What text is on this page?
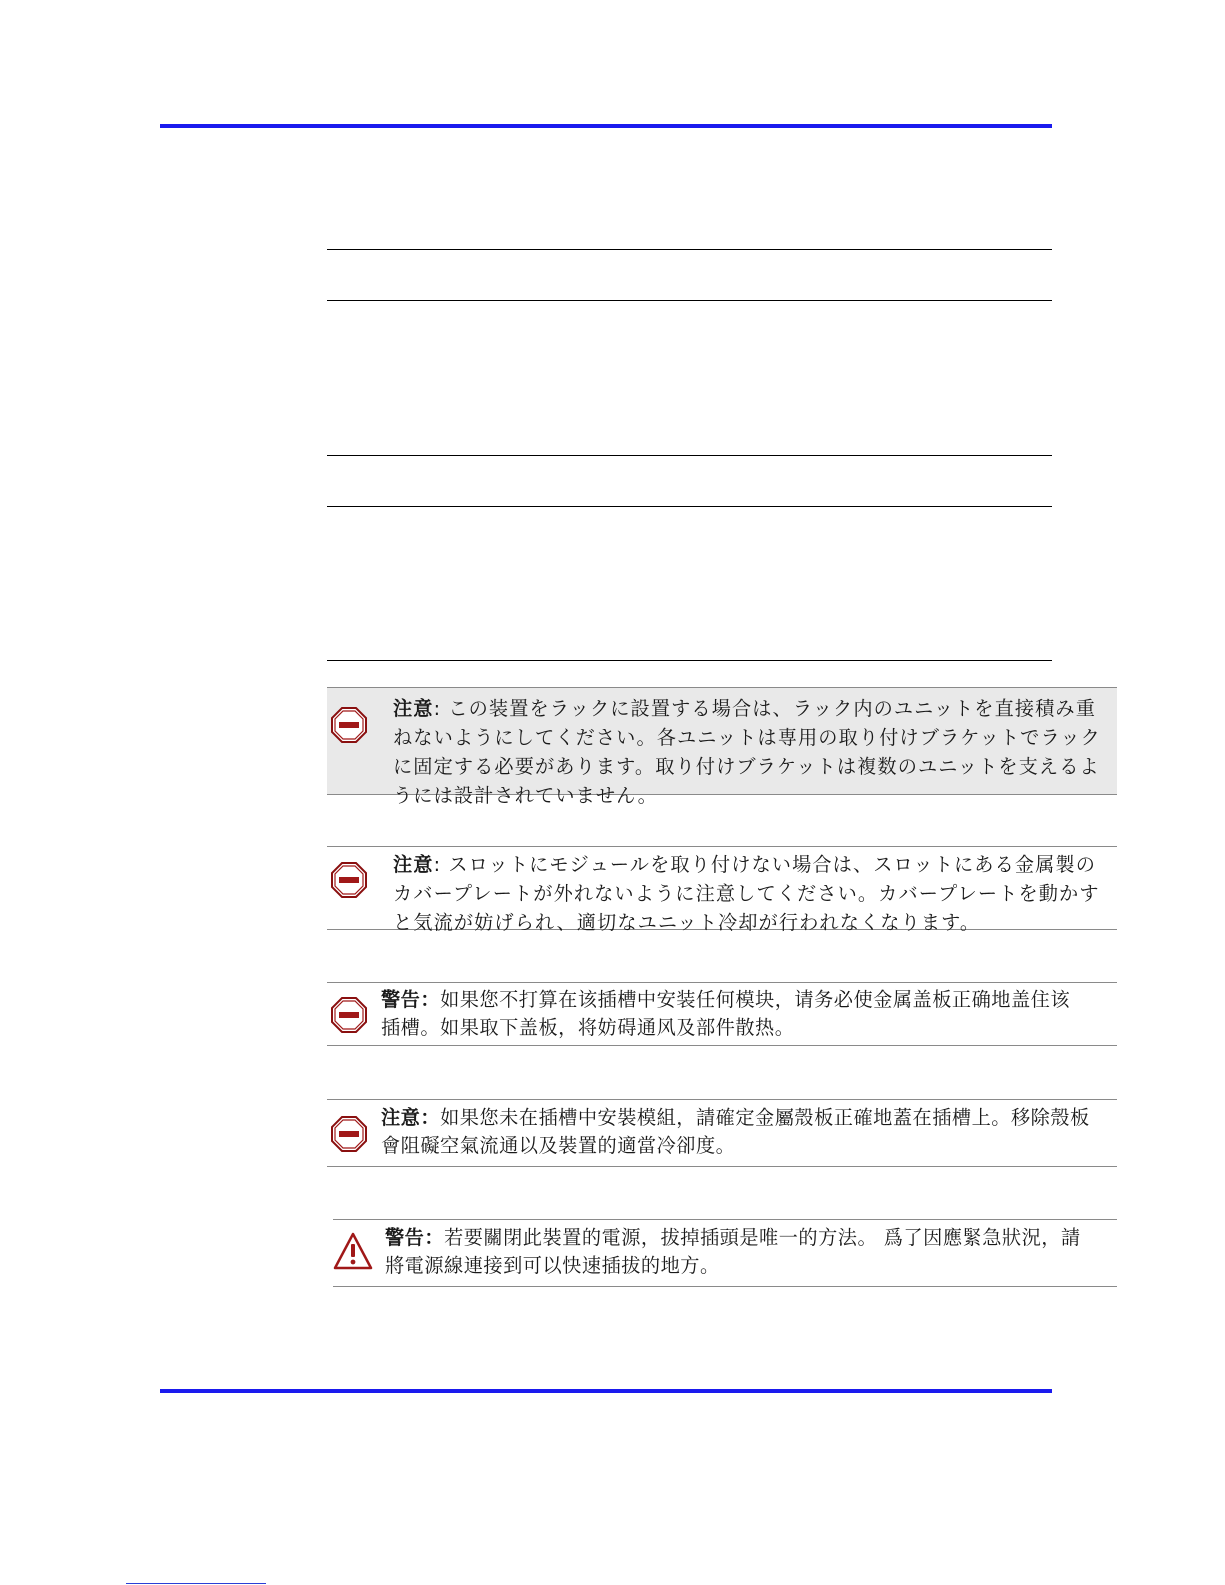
注意: この装置をラックに設置する場合は、ラック内のユニットを直接積み重ねないようにしてください。各ユニットは専用の取り付けブラケットでラックに固定する必要があります。取り付けブラケットは複数のユニットを支えるようには設計されていません。
注意: スロットにモジュールを取り付けない場合は、スロットにある金属製のカバープレートが外れないように注意してください。カバープレートを動かすと気流が妨げられ、適切なユニット冷却が行われなくなります。
警告：如果您不打算在该插槽中安装任何模块，请务必使金属盖板正确地盖住该插槽。如果取下盖板，将妨碍通风及部件散热。
注意：如果您未在插槽中安裝模組，請確定金屬殼板正確地蓋在插槽上。移除殼板會阻礙空氣流通以及裝置的適當冷卻度。
警告：若要關閉此裝置的電源，拔掉插頭是唯一的方法。 爲了因應緊急狀況，請將電源線連接到可以快速插拔的地方。
